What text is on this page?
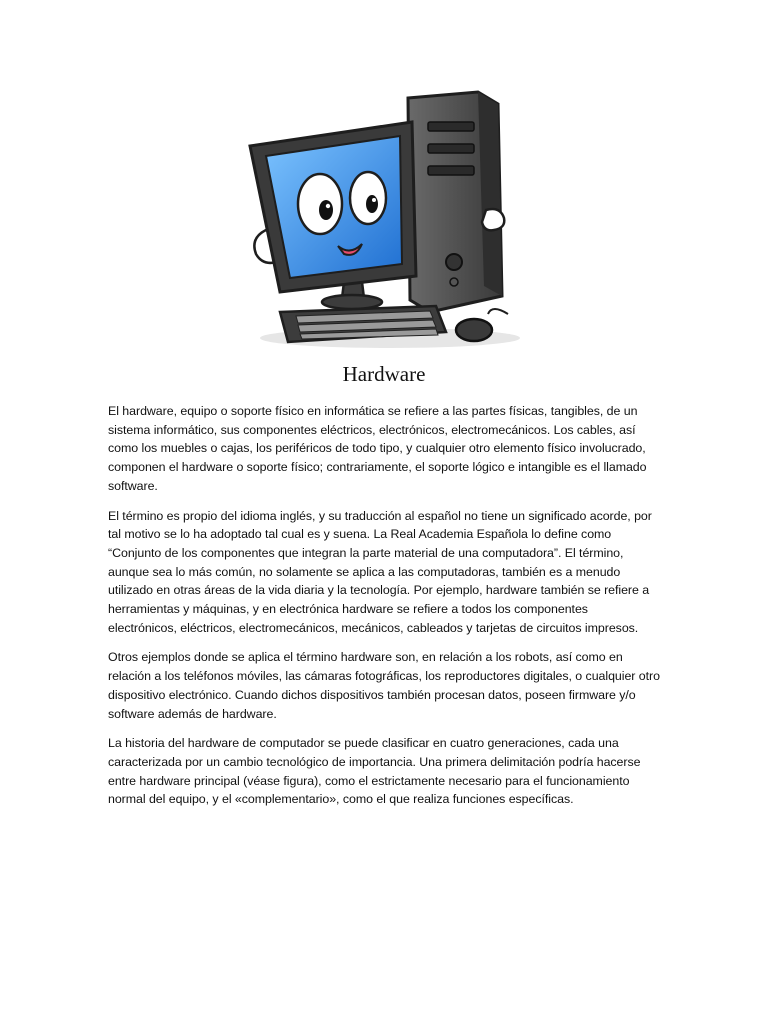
Hardware

El hardware, equipo o soporte físico en informática se refiere a las partes físicas, tangibles, de un sistema informático, sus componentes eléctricos, electrónicos, electromecánicos. Los cables, así como los muebles o cajas, los periféricos de todo tipo, y cualquier otro elemento físico involucrado, componen el hardware o soporte físico; contrariamente, el soporte lógico e intangible es el llamado software.

El término es propio del idioma inglés, y su traducción al español no tiene un significado acorde, por tal motivo se lo ha adoptado tal cual es y suena. La Real Academia Española lo define como “Conjunto de los componentes que integran la parte material de una computadora”. El término, aunque sea lo más común, no solamente se aplica a las computadoras, también es a menudo utilizado en otras áreas de la vida diaria y la tecnología. Por ejemplo, hardware también se refiere a herramientas y máquinas, y en electrónica hardware se refiere a todos los componentes electrónicos, eléctricos, electromecánicos, mecánicos, cableados y tarjetas de circuitos impresos.

Otros ejemplos donde se aplica el término hardware son, en relación a los robots, así como en relación a los teléfonos móviles, las cámaras fotográficas, los reproductores digitales, o cualquier otro dispositivo electrónico. Cuando dichos dispositivos también procesan datos, poseen firmware y/o software además de hardware.

La historia del hardware de computador se puede clasificar en cuatro generaciones, cada una caracterizada por un cambio tecnológico de importancia. Una primera delimitación podría hacerse entre hardware principal (véase figura), como el estrictamente necesario para el funcionamiento normal del equipo, y el «complementario», como el que realiza funciones específicas.
